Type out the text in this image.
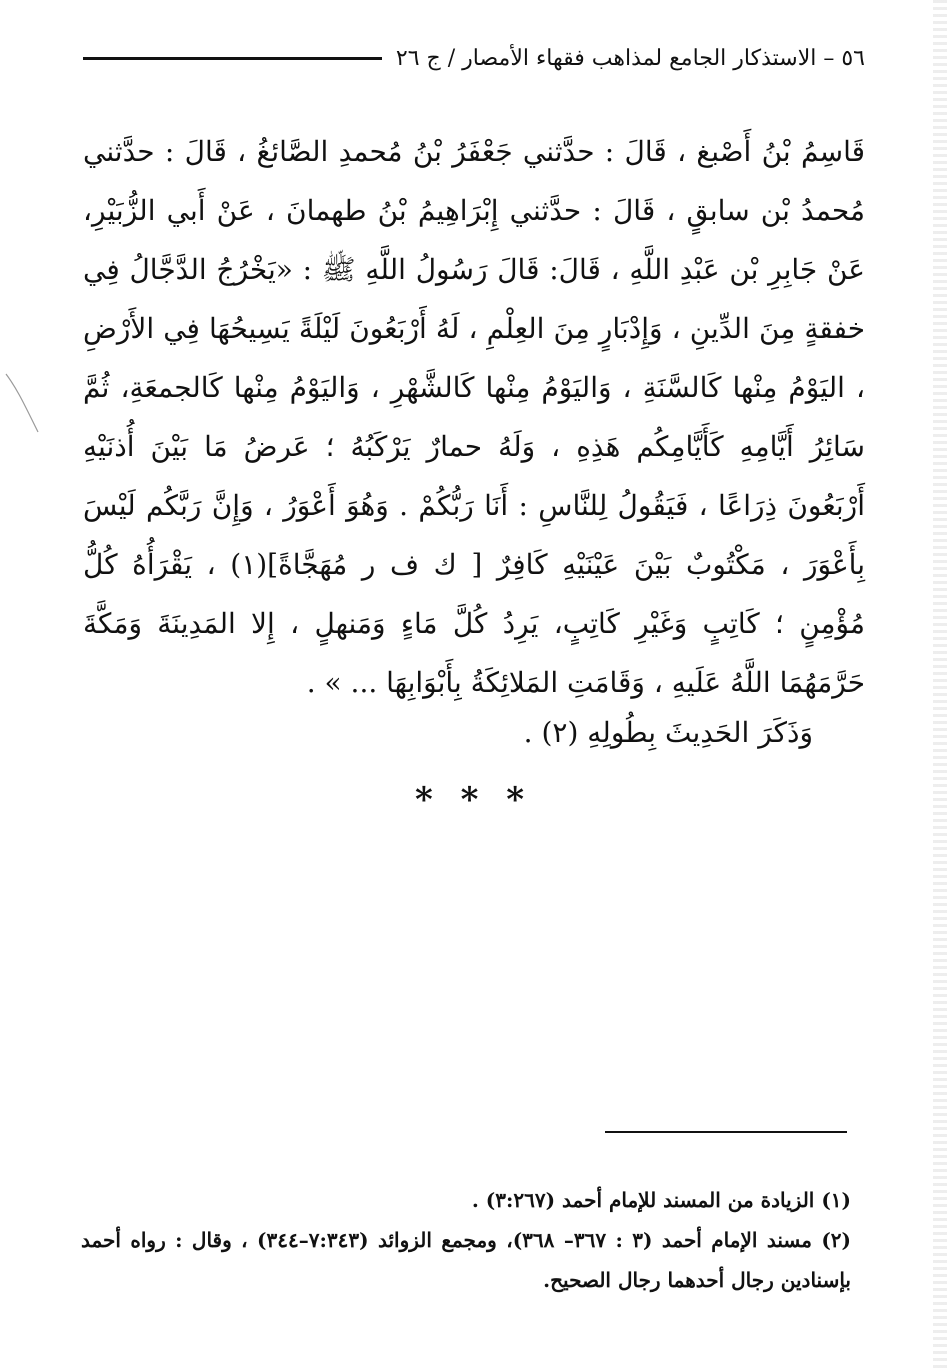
٥٦ – الاستذكار الجامع لمذاهب فقهاء الأمصار / ج ٢٦

قَاسِمُ بْنُ أَصْبغ ، قَالَ : حدَّثني جَعْفَرُ بْنُ مُحمدِ الصَّائغُ ، قَالَ : حدَّثني مُحمدُ بْن سابقٍ ، قَالَ : حدَّثني إِبْرَاهِيمُ بْنُ طهمانَ ، عَنْ أَبي الزُّبَيْرِ، عَنْ جَابِرِ بْن عَبْدِ اللَّهِ ، قَالَ: قَالَ رَسُولُ اللَّهِ ﷺ : «يَخْرُجُ الدَّجَّالُ فِي خفقةٍ مِنَ الدِّينِ ، وَإِدْبَارٍ مِنَ العِلْمِ ، لَهُ أَرْبَعُونَ لَيْلَةً يَسِيحُهَا فِي الأَرْضِ ، اليَوْمُ مِنْها كَالسَّنَةِ ، وَاليَوْمُ مِنْها كَالشَّهْرِ ، وَاليَوْمُ مِنْها كَالجمعَةِ، ثُمَّ سَائِرُ أَيَّامِهِ كَأَيَّامِكُم هَذِهِ ، وَلَهُ حمارٌ يَرْكَبُهُ ؛ عَرضُ مَا بَيْنَ أُذنَيْهِ أَرْبَعُونَ ذِرَاعًا ، فَيَقُولُ لِلنَّاسِ : أَنَا رَبُّكُمْ . وَهُوَ أَعْوَرُ ، وَإِنَّ رَبَّكُم لَيْسَ بِأَعْوَرَ ، مَكْتُوبٌ بَيْنَ عَيْنَيْهِ كَافِرٌ [ ك ف ر مُهَجَّاةً](١) ، يَقْرَأُهُ كُلُّ مُؤْمِنٍ ؛ كَاتِبٍ وَغَيْرِ كَاتِبٍ، يَرِدُ كُلَّ مَاءٍ وَمَنهلٍ ، إِلا المَدِينَةَ وَمَكَّةَ حَرَّمَهُمَا اللَّهُ عَلَيهِ ، وَقَامَتِ المَلائِكَةُ بِأَبْوَابِهَا ... » .

وَذَكَرَ الحَدِيثَ بِطُولِهِ (٢) .
* * *

(١) الزيادة من المسند للإمام أحمد (٣:٢٦٧) .

(٢) مسند الإمام أحمد (٣ : ٣٦٧– ٣٦٨)، ومجمع الزوائد (٧:٣٤٣–٣٤٤) ، وقال : رواه أحمد بإسنادين رجال أحدهما رجال الصحيح.
